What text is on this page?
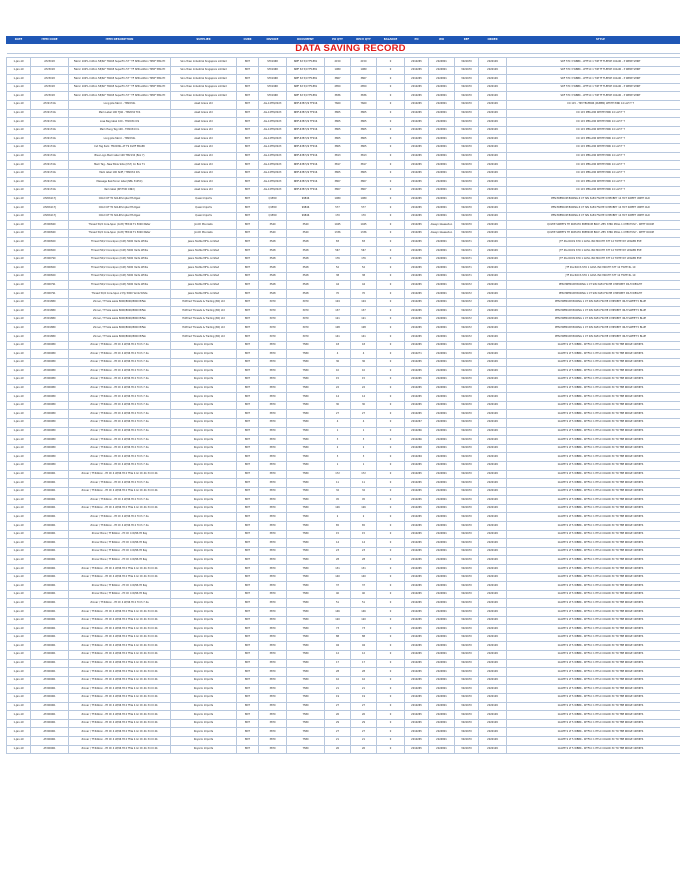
DATE	ITEM CODE	ITEM DESCRIPTION	SUPPLIER	CURR	INVOICE	DOCUMENT	PO QTY	RECV QTY	BALANCE	PO	WO	REF	ORDER	STYLE
DATA SAVING RECORD														

1-Jan-19	AT23018	Fabric 100% Cotton 58/60" TPA65 SuperFin 57'' TF SPN edition TMCF 5BG Ht	Sino-Town Industrial Singapore Limited	BDT	ST01968	NMF 63 5/9 TF1881	2150	2150	0	2010265	2024801	3021670	2020109	SDF 5TC 3 WBBK - WTF1C 1 TIM TF FLEECE COLOR - 3 WEKE SHIRT
1-Jan-19	AT23018	Fabric 100% Cotton 58/60" TPA65 SuperFin 57'' TF SPN edition TMCF 5BG Ht	Sino-Town Industrial Singapore Limited	BDT	ST01968	NMF 63 5/9 TF1881	1989	1989	0	2010265	2024801	3021670	2020109	SDF 5TC 3 WBBK - WTF1C 1 TIM TF FLEECE COLOR - 3 WEKE SHIRT
1-Jan-19	AT23018	Fabric 100% Cotton 58/60" TPA65 SuperFin 57'' TF SPN edition TMCF 5BG Ht	Sino-Town Industrial Singapore Limited	BDT	ST01968	NMF 63 5/9 TF1881	3867	3867	0	2010265	2024801	3021670	2020109	SDF 5TC 3 WBBK - WTF1C 1 TIM TF FLEECE COLOR - 3 WEKE SHIRT
1-Jan-19	AT23018	Fabric 100% Cotton 58/60" TPA65 SuperFin 57'' TF SPN edition TMCF 5BG Ht	Sino-Town Industrial Singapore Limited	BDT	ST01968	NMF 63 5/9 TF1881	2850	2850	0	2010265	2024801	3021670	2020109	SDF 5TC 3 WBBK - WTF1C 1 TIM TF FLEECE COLOR - 3 WEKE SHIRT
1-Jan-19	AT23018	Fabric 100% Cotton 58/60" TPA65 SuperFin 57'' TF SPN edition TMCF 5BG Ht	Sino-Town Industrial Singapore Limited	BDT	ST01968	NMF 63 5/9 TF1881	3836	3836	0	2010265	2024801	3021670	2020109	SDF 5TC 3 WBBK - WTF1C 1 TIM TF FLEECE COLOR - 3 WEKE SHIRT
1-Jan-19	AT22174G	Long pile fabric - TM2034L	Awet Grace Ltd	BDT	AG-12TM/2023	NMF-63B 5/9 TF016	7660	7660	0	2010265	2024801	3021670	2020109	CO 115 - TIM TELEBOR (RUBEN) WHITE PINK 14 LAH T T
1-Jan-19	AT22174G	Mem Label 100 TJ46 - TM2034 TCS	Awet Grace Ltd	BDT	AG-12TM/2023	NMF-63B 5/9 TF016	3805	3805	0	2010265	2024801	3021670	2020109	CO 115 MELLOW WHITE PINK 14 LAH T T
1-Jan-19	AT22174G	Lose Bag label 100 - TM2034 ICS	Awet Grace Ltd	BDT	AG-12TM/2023	NMF-63B 5/9 TF016	3805	3805	0	2010265	2024801	3021670	2020109	CO 115 MELLOW WHITE PINK 14 LAH T T
1-Jan-19	AT22174G	Mem Hang Tag 100 - TM2034 ICL	Awet Grace Ltd	BDT	AG-12TM/2023	NMF-63B 5/9 TF016	3805	3805	0	2010265	2024801	3021670	2020109	CO 115 MELLOW WHITE PINK 14 LAH T T
1-Jan-19	AT22174G	Long pile fabric - TM2034L	Awet Grace Ltd	BDT	AG-12TM/2023	NMF-63B 5/9 TF016	3805	3805	0	2010265	2024801	3021670	2020109	CO 115 MELLOW WHITE PINK 14 LAH T T
1-Jan-19	AT22174G	Cut Tag Item: TM2034L AT T9 DLHF ERAPR	Awet Grace Ltd	BDT	AG-12TM/2023	NMF-63B 5/9 TF016	3805	3805	0	2010265	2024801	3021670	2020109	CO 115 MELLOW WHITE PINK 14 LAH T T
1-Jan-19	AT22174G	Blue Logo Mem label 100 TM2134 (Box 7)	Awet Grace Ltd	BDT	AG-12TM/2023	NMF-63B 5/9 TF016	3813	3813	0	2010265	2024801	3021670	2020109	CO 115 MELLOW WHITE PINK 14 LAH T T
1-Jan-19	AT22174G	Mem Tag - New Blow Side (CS7) Co Box T1	Awet Grace Ltd	BDT	AG-12TM/2023	NMF-63B 5/9 TF016	3817	3817	0	2010265	2024801	3021670	2020109	CO 115 MELLOW WHITE PINK 14 LAH T T
1-Jan-19	AT22174G	Mem label 100 Skiff / TM2034 ICS	Awet Grace Ltd	BDT	AG-12TM/2023	NMF-63B 5/9 TF016	3805	3805	0	2010265	2024801	3021670	2020109	CO 115 MELLOW WHITE PINK 14 LAH T T
1-Jan-19	AT22174G	Message Reinforcer label (NBL 3105C)	Awet Grace Ltd	BDT	AG-12TM/2023	NMF-63B 5/9 TF016	3807	3807	0	2010265	2024801	3021670	2020109	CO 115 MELLOW WHITE PINK 14 LAH T T
1-Jan-19	AT22174G	Item label (NH FOR ONLY)	Awet Grace Ltd	BDT	AG-12TM/2023	NMF-63B 5/9 TF016	3807	3807	0	2010265	2024801	3021670	2020109	CO 115 MELLOW WHITE PINK 14 LAH T T
1-Jan-19	AT206117J	COLD OF TK SOLIDS Iqbal HS Rgex	Quasi Imports	BDT	Q1859	99846	1080	1080	0	2010265	2024801	3021670	2020109	PEN PREMIUM BOXING Z CT SIN 3AE4 FSCHE 9 MECBE7 14 HCT SWEET UNITE OLD
1-Jan-19	AT206117J	COLD OF TK SOLIDS Iqbal HS Rgex	Quasi Imports	BDT	Q1859	99846	577	577	0	2010265	2024801	3021670	2020109	PEN PREMIUM BOXING Z CT SIN 3AE4 FSCHE 9 MECBE7 14 HCT SWEET UNITE OLD
1-Jan-19	AT206117J	COLD OF TK SOLIDS Iqbal HS Rgex	Quasi Imports	BDT	Q1859	99846	170	170	0	2010265	2024801	3021670	2020109	PEN PREMIUM BOXING Z CT SIN 3AE4 FSCHE 9 MECBE7 14 HCT SWEET UNITE OLD
1-Jan-19	AT200840	Thread 50/2 Core-Spun (Cott) TEX40 T1 5000 Meter	Jinoth Mooniets	BDT	3540	3540	1045	1045	0	2010265	Aleeyn Gleasehun	3021670	2020109	QULTIE SWEETS TH ROHATO PREMIUM BOLT -ZEV STRK MOLL 1 CHECTOS7 - WETT ROOM
1-Jan-19	AT200840	Thread 50/2 Core-Spun (Cott) TEX40 T1 5000 Meter	Jinoth Mooniets	BDT	3540	3540	1336	1336	0	2010265	Aleeyn Gleasehun	3021670	2020109	QULTIE SWEETS TH ROHATO PREMIUM BOLT -ZEV STRK MOLL 1 CHECTOS7 - WETT ROOM
1-Jan-19	AT200820	Thread 50/2 Core-Spun (Cott) 5000 Yards White	Jeans Textile MFG. Limited	BDT	3528	3528	83	83	0	2010265	2024801	3021671	2020109	JTF 4ta ROCS STO 1 GOVL INC MOUTH STT 12 TWTE WY LEAKER EVE
1-Jan-19	AT200820	Thread 50/2 Core-Spun (Cott) 5000 Yards White	Jeans Textile MFG. Limited	BDT	3528	3528	567	567	0	2010265	2024801	3021671	2020109	JTF 4ta ROCS STO 1 GOVL INC MOUTH STT 12 TWTE WY LEAKER EVE
1-Jan-19	AT200790	Thread 50/2 Core-Spun (Cott) 5000 Yards White	Jeans Textile MFG. Limited	BDT	3528	3528	176	176	0	2010265	2024801	3021671	2020109	JTF 4ta ROCS STO 1 GOVL INC MOUTH STT 12 TWTE WY LEAKER EVE
1-Jan-19	AT200820	Thread 50/2 Core-Spun (Cott) 5000 Yards White	Jeans Textile MFG. Limited	BDT	3528	3528	52	52	0	2010265	2024801	3021671	2020109	JTF 4ta ROCS STO 1 GOVL INC MOUTH STT 12 TWTE RL 10
1-Jan-19	AT200820	Thread 50/2 Core-Spun (Cott) 5000 Yards White	Jeans Textile MFG. Limited	BDT	3528	3528	38	38	0	2010265	2024801	3021671	2020109	JTF 4ta ROCS STO 1 GOVL INC MOUTH STT 12 TWTE RL 10
1-Jan-19	AT200791	Thread 50/2 Core-Spun (Cott) 5000 Yards White	Jeans Textile MFG. Limited	BDT	3528	3528	44	44	0	2010265	2024801	3021672	2020109	PEN PREMIUM BOXING 1 CT SIN 3AE4 FSCHE 9 MECBE7 IDLH WEIGHT
1-Jan-19	AT200791	Thread 50/2 Core-Spun 2 Ply 5000 Yards White	Jeans Textile MFG. Limited	BDT	3528	3528	70	70	0	2010265	2024801	3021672	2020109	PEN PREMIUM BOXING 1 CT SIN 3AE4 FSCHE 9 MECBE7 IDLH WEIGHT
1-Jan-19	AT201880	Zinner / Tf Size seize 8000/8000/8000 BiFab	Hotfried Threads & Trading (Bd) Ltd	BDT	3079	3079	104	104	0	2010265	2024801	3021672	2020109	PEN PREMIUM BOXING 1 CT SIN 3AE4 FSCHE 9 MECBE7 IDLH SWEET 5 BLUE
1-Jan-19	AT201880	Zinner / Tf Size seize 8000/8000/8000 BiFab	Hotfried Threads & Trading (Bd) Ltd	BDT	3079	3079	137	137	0	2010265	2024801	3021672	2020109	PEN PREMIUM BOXING 1 CT SIN 3AE4 FSCHE 9 MECBE7 IDLH SWEET 5 BLUE
1-Jan-19	AT201880	Zinner / Tf Size seize 8000/8000/8000 BiFab	Hotfried Threads & Trading (Bd) Ltd	BDT	3079	3079	121	121	0	2010265	2024801	3021672	2020109	PEN PREMIUM BOXING 1 CT SIN 3AE4 FSCHE 9 MECBE7 IDLH SWEET 5 BLUE
1-Jan-19	AT201880	Zinner / Tf Size seize 8000/8000/8000 BiFab	Hotfried Threads & Trading (Bd) Ltd	BDT	3079	3079	108	108	0	2010265	2024801	3021672	2020109	PEN PREMIUM BOXING 1 CT SIN 3AE4 FSCHE 9 MECBE7 IDLH SWEET 5 BLUE
1-Jan-19	AT201880	Zinner / Tf Size seize 8000/8000/8000 BiFab	Hotfried Threads & Trading (Bd) Ltd	BDT	3079	3079	141	141	0	2010265	2024801	3021672	2020109	PEN PREMIUM BOXING 1 CT SIN 3AE4 FSCHE 9 MECBE7 IDLH SWEET 5 BLUE
1-Jan-19	AT200980	Zinner / Tf Ribbon - Ht Ch 4 W/96 Ht 4 H Ch 7 4a	Royal Li Imports	BDT	3870	7580	18	18	0	2010265	2024801	3021670	2020109	GUATE 9 LT 5 WBBK - WTF1C 1 HTLC COLOR 3C TO TBE RIDGE 1SHIRTS
1-Jan-19	AT200980	Zinner / Tf Ribbon - Ht Ch 4 W/96 Ht 4 H Ch 7 4a	Royal Li Imports	BDT	3870	7580	4	4	0	2010271	2024801	3021670	2020109	GUATE 9 LT 5 WBBK - WTF1C 1 HTLC COLOR 3C TO TBE RIDGE 1SHIRTS
1-Jan-19	AT200980	Zinner / Tf Ribbon - Ht Ch 4 W/96 Ht 4 H Ch 7 4a	Royal Li Imports	BDT	3870	7580	36	36	0	2010265	2024801	3021670	2020109	GUATE 9 LT 5 WBBK - WTF1C 1 HTLC COLOR 3C TO TBE RIDGE 1SHIRTS
1-Jan-19	AT200980	Zinner / Tf Ribbon - Ht Ch 4 W/96 Ht 4 H Ch 7 4a	Royal Li Imports	BDT	3870	7580	10	10	0	2010265	2024801	3021670	2020109	GUATE 9 LT 5 WBBK - WTF1C 1 HTLC COLOR 3C TO TBE RIDGE 1SHIRTS
1-Jan-19	AT200980	Zinner / Tf Ribbon - Ht Ch 4 W/96 Ht 4 H Ch 7 4a	Royal Li Imports	BDT	3870	7580	15	15	0	2010265	2024801	3021670	2020109	GUATE 9 LT 5 WBBK - WTF1C 1 HTLC COLOR 3C TO TBE RIDGE 1SHIRTS
1-Jan-19	AT200980	Zinner / Tf Ribbon - Ht Ch 4 W/96 Ht 4 H Ch 7 4a	Royal Li Imports	BDT	3870	7580	22	22	0	2010265	2024801	3021670	2020109	GUATE 9 LT 5 WBBK - WTF1C 1 HTLC COLOR 3C TO TBE RIDGE 1SHIRTS
1-Jan-19	AT200980	Zinner / Tf Ribbon - Ht Ch 4 W/96 Ht 4 H Ch 7 4a	Royal Li Imports	BDT	3870	7580	14	14	0	2010265	2024801	3021670	2020109	GUATE 9 LT 5 WBBK - WTF1C 1 HTLC COLOR 3C TO TBE RIDGE 1SHIRTS
1-Jan-19	AT200980	Zinner / Tf Ribbon - Ht Ch 4 W/96 Ht 4 H Ch 7 4a	Royal Li Imports	BDT	3870	7580	30	30	0	2010265	2024801	3021670	2020109	GUATE 9 LT 5 WBBK - WTF1C 1 HTLC COLOR 3C TO TBE RIDGE 1SHIRTS
1-Jan-19	AT200980	Zinner / Tf Ribbon - Ht Ch 4 W/96 Ht 4 H Ch 7 4a	Royal Li Imports	BDT	3870	7580	27	27	0	2010265	2024801	3021670	2020109	GUATE 9 LT 5 WBBK - WTF1C 1 HTLC COLOR 3C TO TBE RIDGE 1SHIRTS
1-Jan-19	AT200980	Zinner / Tf Ribbon - Ht Ch 4 W/96 Ht 4 H Ch 7 4a	Royal Li Imports	BDT	3870	7580	4	4	0	2010267	2024801	3021670	2020109	GUATE 9 LT 5 WBBK - WTF1C 1 HTLC COLOR 3C TO TBE RIDGE 1SHIRTS
1-Jan-19	AT200980	Zinner / Tf Ribbon - Ht Ch 4 W/96 Ht 4 H Ch 7 4a	Royal Li Imports	BDT	3870	7580	1	1	0	2010266	2024801	3021670	2020109	GUATE 9 LT 5 WBBK - WTF1C 1 HTLC COLOR 3C TO TBE RIDGE 1SHIRTS
1-Jan-19	AT200980	Zinner / Tf Ribbon - Ht Ch 4 W/96 Ht 4 H Ch 7 4a	Royal Li Imports	BDT	3870	7580	3	3	0	2010266	2024801	3021670	2020109	GUATE 9 LT 5 WBBK - WTF1C 1 HTLC COLOR 3C TO TBE RIDGE 1SHIRTS
1-Jan-19	AT200980	Zinner / Tf Ribbon - Ht Ch 4 W/96 Ht 4 H Ch 7 4a	Royal Li Imports	BDT	3870	7580	2	2	0	2010268	2024801	3021670	2020109	GUATE 9 LT 5 WBBK - WTF1C 1 HTLC COLOR 3C TO TBE RIDGE 1SHIRTS
1-Jan-19	AT200980	Zinner / Tf Ribbon - Ht Ch 4 W/96 Ht 4 H Ch 7 4a	Royal Li Imports	BDT	3870	7580	3	3	0	2010269	2024801	3021670	2020109	GUATE 9 LT 5 WBBK - WTF1C 1 HTLC COLOR 3C TO TBE RIDGE 1SHIRTS
1-Jan-19	AT200980	Zinner / Tf Ribbon - Ht Ch 4 W/96 Ht 4 H Ch 7 4a	Royal Li Imports	BDT	3870	7580	1	1	0	2010265	2024801	3021670	2020109	GUATE 9 LT 5 WBBK - WTF1C 1 HTLC COLOR 3C TO TBE RIDGE 1SHIRTS
1-Jan-19	AT200961	Zinner / Tf Ribbon - Ht Ch 4 W/96 Ht 4 Tf4a 4 Gr Ch 4b 3rd 0 4b	Royal Li Imports	BDT	3870	7580	172	172	0	2010265	2024801	3021670	2020109	GUATE 9 LT 5 WBBK - WTF1C 1 HTLC COLOR 3C TO TBE RIDGE 1SHIRTS
1-Jan-19	AT200961	Zinner / Tf Ribbon - Ht Ch 4 W/96 Ht 4 H Ch 7 4a	Royal Li Imports	BDT	3870	7580	11	11	0	2010265	2024801	3021670	2020109	GUATE 9 LT 5 WBBK - WTF1C 1 HTLC COLOR 3C TO TBE RIDGE 1SHIRTS
1-Jan-19	AT200961	Zinner / Tf Ribbon - Ht Ch 4 W/96 Ht 4 Tf4a 4 Gr Ch 4b 3rd 0 4b	Royal Li Imports	BDT	3870	7580	32	32	0	2010265	2024801	3021670	2020109	GUATE 9 LT 5 WBBK - WTF1C 1 HTLC COLOR 3C TO TBE RIDGE 1SHIRTS
1-Jan-19	AT200961	Zinner / Tf Ribbon - Ht Ch 4 W/96 Ht 4 H Ch 7 4a	Royal Li Imports	BDT	3870	7580	45	45	0	2010265	2024801	3021670	2020109	GUATE 9 LT 5 WBBK - WTF1C 1 HTLC COLOR 3C TO TBE RIDGE 1SHIRTS
1-Jan-19	AT200961	Zinner / Tf Ribbon - Ht Ch 4 W/96 Ht 4 Tf4a 4 Gr Ch 4b 3rd 0 4b	Royal Li Imports	BDT	3870	7580	126	126	0	2010265	2024801	3021670	2020109	GUATE 9 LT 5 WBBK - WTF1C 1 HTLC COLOR 3C TO TBE RIDGE 1SHIRTS
1-Jan-19	AT200961	Zinner / Tf Ribbon - Ht Ch 4 W/96 Ht 4 H Ch 7 4a	Royal Li Imports	BDT	3870	7580	2	2	0	2010265	2024801	3021670	2020109	GUATE 9 LT 5 WBBK - WTF1C 1 HTLC COLOR 3C TO TBE RIDGE 1SHIRTS
1-Jan-19	AT200961	Zinner / Tf Ribbon - Ht Ch 4 W/96 Ht 4 H Ch 7 4a	Royal Li Imports	BDT	3870	7580	65	65	0	2010265	2024801	3021670	2020109	GUATE 9 LT 5 WBBK - WTF1C 1 HTLC COLOR 3C TO TBE RIDGE 1SHIRTS
1-Jan-19	AT200961	Zinner Bone / Tf Ribbon - Ht Ch 4 W/96 Ht Ray	Royal Li Imports	BDT	3870	7580	15	15	0	2010265	2024801	3021670	2020109	GUATE 9 LT 5 WBBK - WTF1C 1 HTLC COLOR 3C TO TBE RIDGE 1SHIRTS
1-Jan-19	AT200961	Zinner Bone / Tf Ribbon - Ht Ch 4 W/96 Ht Ray	Royal Li Imports	BDT	3870	7580	14	14	0	2010265	2024801	3021670	2020109	GUATE 9 LT 5 WBBK - WTF1C 1 HTLC COLOR 3C TO TBE RIDGE 1SHIRTS
1-Jan-19	AT200961	Zinner Bone / Tf Ribbon - Ht Ch 4 W/96 Ht Ray	Royal Li Imports	BDT	3870	7580	23	23	0	2010265	2024801	3021670	2020109	GUATE 9 LT 5 WBBK - WTF1C 1 HTLC COLOR 3C TO TBE RIDGE 1SHIRTS
1-Jan-19	AT200961	Zinner Bone / Tf Ribbon - Ht Ch 4 W/96 Ht Ray	Royal Li Imports	BDT	3870	7580	28	28	0	2010265	2024801	3021670	2020109	GUATE 9 LT 5 WBBK - WTF1C 1 HTLC COLOR 3C TO TBE RIDGE 1SHIRTS
1-Jan-19	AT200961	Zinner / Tf Ribbon - Ht Ch 4 W/96 Ht 4 Tf4a 4 Gr Ch 4b 3rd 0 4b	Royal Li Imports	BDT	3870	7580	131	131	0	2010265	2024801	3021670	2020109	GUATE 9 LT 5 WBBK - WTF1C 1 HTLC COLOR 3C TO TBE RIDGE 1SHIRTS
1-Jan-19	AT200961	Zinner / Tf Ribbon - Ht Ch 4 W/96 Ht 4 Tf4a 4 Gr Ch 4b 3rd 0 4b	Royal Li Imports	BDT	3870	7580	140	140	0	2010265	2024801	3021670	2020109	GUATE 9 LT 5 WBBK - WTF1C 1 HTLC COLOR 3C TO TBE RIDGE 1SHIRTS
1-Jan-19	AT200961	Zinner Bone / Tf Ribbon - Ht Ch 4 W/96 Ht Ray	Royal Li Imports	BDT	3870	7580	37	37	0	2010265	2024801	3021670	2020109	GUATE 9 LT 5 WBBK - WTF1C 1 HTLC COLOR 3C TO TBE RIDGE 1SHIRTS
1-Jan-19	AT200961	Zinner Bone / Tf Ribbon - Ht Ch 4 W/96 Ht Ray	Royal Li Imports	BDT	3870	7580	40	40	0	2010265	2024801	3021670	2020109	GUATE 9 LT 5 WBBK - WTF1C 1 HTLC COLOR 3C TO TBE RIDGE 1SHIRTS
1-Jan-19	AT200961	Zinner / Tf Ribbon - Ht Ch 4 W/96 Ht 4 H Ch 7 4a	Royal Li Imports	BDT	3870	7580	51	51	0	2010265	2024801	3021670	2020109	GUATE 9 LT 5 WBBK - WTF1C 1 HTLC COLOR 3C TO TBE RIDGE 1SHIRTS
1-Jan-19	AT200961	Zinner / Tf Ribbon - Ht Ch 4 W/96 Ht 4 Tf4a 4 Gr Ch 4b 3rd 0 4b	Royal Li Imports	BDT	3870	7580	146	146	0	2010265	2024801	3021670	2020109	GUATE 9 LT 5 WBBK - WTF1C 1 HTLC COLOR 3C TO TBE RIDGE 1SHIRTS
1-Jan-19	AT200961	Zinner / Tf Ribbon - Ht Ch 4 W/96 Ht 4 Tf4a 4 Gr Ch 4b 3rd 0 4b	Royal Li Imports	BDT	3870	7580	120	120	0	2010265	2024801	3021670	2020109	GUATE 9 LT 5 WBBK - WTF1C 1 HTLC COLOR 3C TO TBE RIDGE 1SHIRTS
1-Jan-19	AT200961	Zinner / Tf Ribbon - Ht Ch 4 W/96 Ht 4 Tf4a 4 Gr Ch 4b 3rd 0 4b	Royal Li Imports	BDT	3870	7580	73	73	0	2010265	2024801	3021670	2020109	GUATE 9 LT 5 WBBK - WTF1C 1 HTLC COLOR 3C TO TBE RIDGE 1SHIRTS
1-Jan-19	AT200961	Zinner / Tf Ribbon - Ht Ch 4 W/96 Ht 4 Tf4a 4 Gr Ch 4b 3rd 0 4b	Royal Li Imports	BDT	3870	7580	88	88	0	2010265	2024801	3021670	2020109	GUATE 9 LT 5 WBBK - WTF1C 1 HTLC COLOR 3C TO TBE RIDGE 1SHIRTS
1-Jan-19	AT200961	Zinner / Tf Ribbon - Ht Ch 4 W/96 Ht 4 Tf4a 4 Gr Ch 4b 3rd 0 4b	Royal Li Imports	BDT	3870	7580	94	94	0	2010265	2024801	3021670	2020109	GUATE 9 LT 5 WBBK - WTF1C 1 HTLC COLOR 3C TO TBE RIDGE 1SHIRTS
1-Jan-19	AT200961	Zinner / Tf Ribbon - Ht Ch 4 W/96 Ht 4 Tf4a 4 Gr Ch 4b 3rd 0 4b	Royal Li Imports	BDT	3870	7580	12	12	0	2010265	2024801	3021670	2020109	GUATE 9 LT 5 WBBK - WTF1C 1 HTLC COLOR 3C TO TBE RIDGE 1SHIRTS
1-Jan-19	AT200961	Zinner / Tf Ribbon - Ht Ch 4 W/96 Ht 4 Tf4a 4 Gr Ch 4b 3rd 0 4b	Royal Li Imports	BDT	3870	7580	17	17	0	2010265	2024801	3021670	2020109	GUATE 9 LT 5 WBBK - WTF1C 1 HTLC COLOR 3C TO TBE RIDGE 1SHIRTS
1-Jan-19	AT200961	Zinner / Tf Ribbon - Ht Ch 4 W/96 Ht 4 Tf4a 4 Gr Ch 4b 3rd 0 4b	Royal Li Imports	BDT	3870	7580	28	28	0	2010265	2024801	3021670	2020109	GUATE 9 LT 5 WBBK - WTF1C 1 HTLC COLOR 3C TO TBE RIDGE 1SHIRTS
1-Jan-19	AT200961	Zinner / Tf Ribbon - Ht Ch 4 W/96 Ht 4 Tf4a 4 Gr Ch 4b 3rd 0 4b	Royal Li Imports	BDT	3870	7580	16	16	0	2010265	2024801	3021670	2020109	GUATE 9 LT 5 WBBK - WTF1C 1 HTLC COLOR 3C TO TBE RIDGE 1SHIRTS
1-Jan-19	AT200961	Zinner / Tf Ribbon - Ht Ch 4 W/96 Ht 4 Tf4a 4 Gr Ch 4b 3rd 0 4b	Royal Li Imports	BDT	3870	7580	21	21	0	2010265	2024801	3021670	2020109	GUATE 9 LT 5 WBBK - WTF1C 1 HTLC COLOR 3C TO TBE RIDGE 1SHIRTS
1-Jan-19	AT200961	Zinner / Tf Ribbon - Ht Ch 4 W/96 Ht 4 Tf4a 4 Gr Ch 4b 3rd 0 4b	Royal Li Imports	BDT	3870	7580	19	19	0	2010265	2024801	3021670	2020109	GUATE 9 LT 5 WBBK - WTF1C 1 HTLC COLOR 3C TO TBE RIDGE 1SHIRTS
1-Jan-19	AT200961	Zinner / Tf Ribbon - Ht Ch 4 W/96 Ht 4 Tf4a 4 Gr Ch 4b 3rd 0 4b	Royal Li Imports	BDT	3870	7580	27	27	0	2010265	2024801	3021670	2020109	GUATE 9 LT 5 WBBK - WTF1C 1 HTLC COLOR 3C TO TBE RIDGE 1SHIRTS
1-Jan-19	AT200961	Zinner / Tf Ribbon - Ht Ch 4 W/96 Ht 4 Tf4a 4 Gr Ch 4b 3rd 0 4b	Royal Li Imports	BDT	3870	7580	26	26	0	2010265	2024801	3021670	2020109	GUATE 9 LT 5 WBBK - WTF1C 1 HTLC COLOR 3C TO TBE RIDGE 1SHIRTS
1-Jan-19	AT200961	Zinner / Tf Ribbon - Ht Ch 4 W/96 Ht 4 Tf4a 4 Gr Ch 4b 3rd 0 4b	Royal Li Imports	BDT	3870	7580	29	29	0	2010265	2024801	3021670	2020109	GUATE 9 LT 5 WBBK - WTF1C 1 HTLC COLOR 3C TO TBE RIDGE 1SHIRTS
1-Jan-19	AT200961	Zinner / Tf Ribbon - Ht Ch 4 W/96 Ht 4 Tf4a 4 Gr Ch 4b 3rd 0 4b	Royal Li Imports	BDT	3870	7580	27	27	0	2010265	2024801	3021670	2020109	GUATE 9 LT 5 WBBK - WTF1C 1 HTLC COLOR 3C TO TBE RIDGE 1SHIRTS
1-Jan-19	AT200961	Zinner / Tf Ribbon - Ht Ch 4 W/96 Ht 4 Tf4a 4 Gr Ch 4b 3rd 0 4b	Royal Li Imports	BDT	3870	7580	21	21	0	2010265	2024801	3021670	2020109	GUATE 9 LT 5 WBBK - WTF1C 1 HTLC COLOR 3C TO TBE RIDGE 1SHIRTS
1-Jan-19	AT200961	Zinner / Tf Ribbon - Ht Ch 4 W/96 Ht 4 Tf4a 4 Gr Ch 4b 3rd 0 4b	Royal Li Imports	BDT	3870	7580	26	26	0	2010265	2024801	3021670	2020109	GUATE 9 LT 5 WBBK - WTF1C 1 HTLC COLOR 3C TO TBE RIDGE 1SHIRTS
